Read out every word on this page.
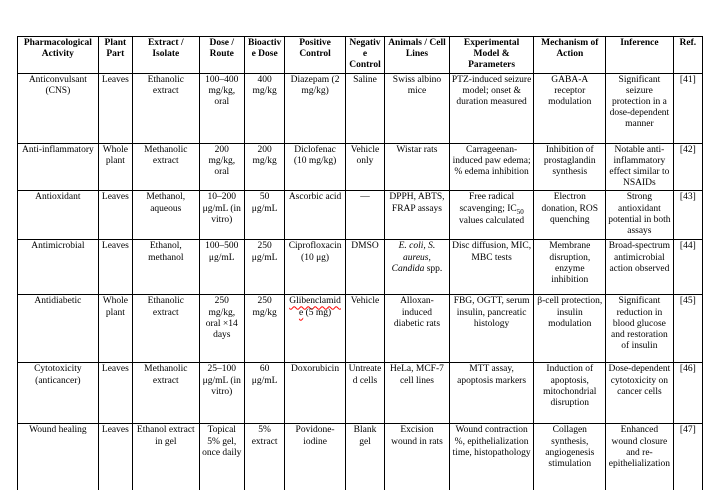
Pharmacological Activity	Plant Part	Extract / Isolate	Dose / Route	Bioactive Dose	Positive Control	Negative Control	Animals / Cell Lines	Experimental Model & Parameters	Mechanism of Action	Inference	Ref.
Anticonvulsant (CNS)	Leaves	Ethanolic extract	100–400 mg/kg, oral	400 mg/kg	Diazepam (2 mg/kg)	Saline	Swiss albino mice	PTZ-induced seizure model; onset & duration measured	GABA-A receptor modulation	Significant seizure protection in a dose-dependent manner	[41]
Anti-inflammatory	Whole plant	Methanolic extract	200 mg/kg, oral	200 mg/kg	Diclofenac (10 mg/kg)	Vehicle only	Wistar rats	Carrageenan-induced paw edema; % edema inhibition	Inhibition of prostaglandin synthesis	Notable anti-inflammatory effect similar to NSAIDs	[42]
Antioxidant	Leaves	Methanol, aqueous	10–200 μg/mL (in vitro)	50 μg/mL	Ascorbic acid	—	DPPH, ABTS, FRAP assays	Free radical scavenging; $IC_{50}$ values calculated	Electron donation, ROS quenching	Strong antioxidant potential in both assays	[43]
Antimicrobial	Leaves	Ethanol, methanol	100–500 μg/mL	250 μg/mL	Ciprofloxacin (10 μg)	DMSO	E. coli, S. aureus, Candida spp.	Disc diffusion, MIC, MBC tests	Membrane disruption, enzyme inhibition	Broad-spectrum antimicrobial action observed	[44]
Antidiabetic	Whole plant	Ethanolic extract	250 mg/kg, oral ×14 days	250 mg/kg	Glibenclamide (5 mg)	Vehicle	Alloxan-induced diabetic rats	FBG, OGTT, serum insulin, pancreatic histology	β-cell protection, insulin modulation	Significant reduction in blood glucose and restoration of insulin	[45]
Cytotoxicity (anticancer)	Leaves	Methanolic extract	25–100 μg/mL (in vitro)	60 μg/mL	Doxorubicin	Untreated cells	HeLa, MCF-7 cell lines	MTT assay, apoptosis markers	Induction of apoptosis, mitochondrial disruption	Dose-dependent cytotoxicity on cancer cells	[46]
Wound healing	Leaves	Ethanol extract in gel	Topical 5% gel, once daily	5% extract	Povidone-iodine	Blank gel	Excision wound in rats	Wound contraction %, epithelialization time, histopathology	Collagen synthesis, angiogenesis stimulation	Enhanced wound closure and re-epithelialization	[47]
